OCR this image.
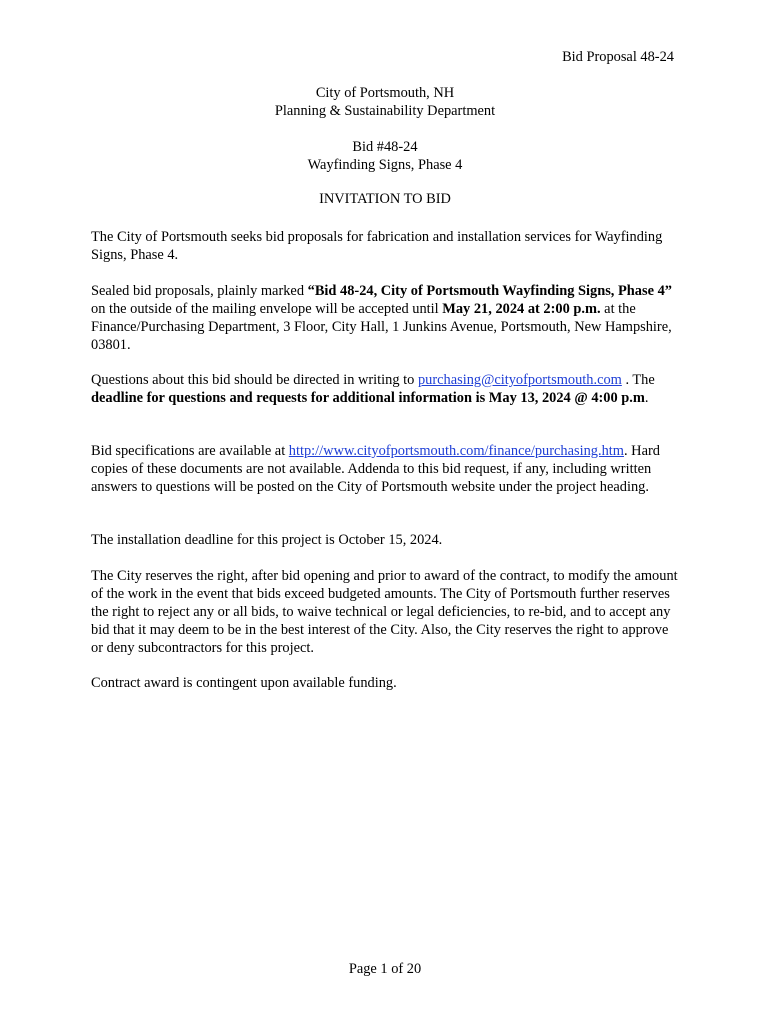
Bid Proposal 48-24
City of Portsmouth, NH
Planning & Sustainability Department
Bid #48-24
Wayfinding Signs, Phase 4
INVITATION TO BID

The City of Portsmouth seeks bid proposals for fabrication and installation services for Wayfinding Signs, Phase 4.

Sealed bid proposals, plainly marked “Bid 48-24, City of Portsmouth Wayfinding Signs, Phase 4” on the outside of the mailing envelope will be accepted until May 21, 2024 at 2:00 p.m. at the Finance/Purchasing Department, 3 Floor, City Hall, 1 Junkins Avenue, Portsmouth, New Hampshire, 03801.

Questions about this bid should be directed in writing to purchasing@cityofportsmouth.com . The deadline for questions and requests for additional information is May 13, 2024 @ 4:00 p.m.

Bid specifications are available at http://www.cityofportsmouth.com/finance/purchasing.htm. Hard copies of these documents are not available. Addenda to this bid request, if any, including written answers to questions will be posted on the City of Portsmouth website under the project heading.

The installation deadline for this project is October 15, 2024.

The City reserves the right, after bid opening and prior to award of the contract, to modify the amount of the work in the event that bids exceed budgeted amounts. The City of Portsmouth further reserves the right to reject any or all bids, to waive technical or legal deficiencies, to re-bid, and to accept any bid that it may deem to be in the best interest of the City. Also, the City reserves the right to approve or deny subcontractors for this project.

Contract award is contingent upon available funding.

Page 1 of 20
